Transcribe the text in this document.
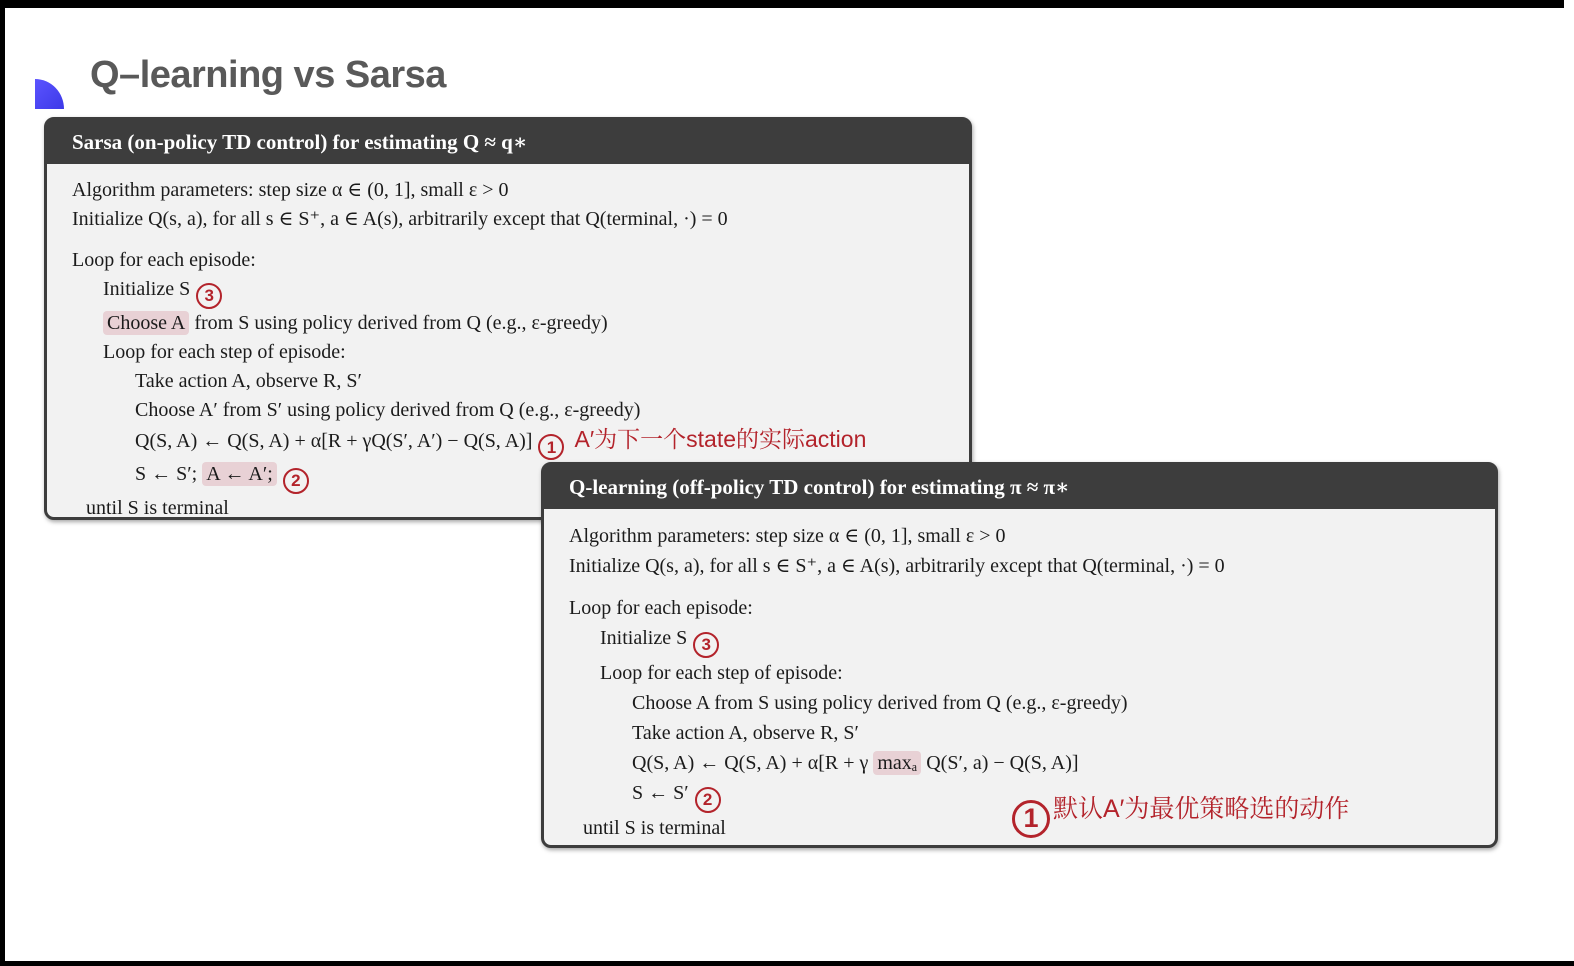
Q–learning vs Sarsa
Sarsa (on-policy TD control) for estimating Q ≈ q∗
Algorithm parameters: step size α ∈ (0, 1], small ε > 0
Initialize Q(s, a), for all s ∈ S⁺, a ∈ A(s), arbitrarily except that Q(terminal, ·) = 0
Loop for each episode:
Initialize S 3
Choose A from S using policy derived from Q (e.g., ε-greedy)
Loop for each step of episode:
Take action A, observe R, S′
Choose A′ from S′ using policy derived from Q (e.g., ε-greedy)
Q(S, A) ← Q(S, A) + α[R + γQ(S′, A′) − Q(S, A)] 1 A′为下一个state的实际action
S ← S′; A ← A′; 2
until S is terminal
Q-learning (off-policy TD control) for estimating π ≈ π∗
Algorithm parameters: step size α ∈ (0, 1], small ε > 0
Initialize Q(s, a), for all s ∈ S⁺, a ∈ A(s), arbitrarily except that Q(terminal, ·) = 0
Loop for each episode:
Initialize S 3
Loop for each step of episode:
Choose A from S using policy derived from Q (e.g., ε-greedy)
Take action A, observe R, S′
Q(S, A) ← Q(S, A) + α[R + γ maxₐ Q(S′, a) − Q(S, A)]
S ← S′ 2
until S is terminal	1 默认A′为最优策略选的动作
